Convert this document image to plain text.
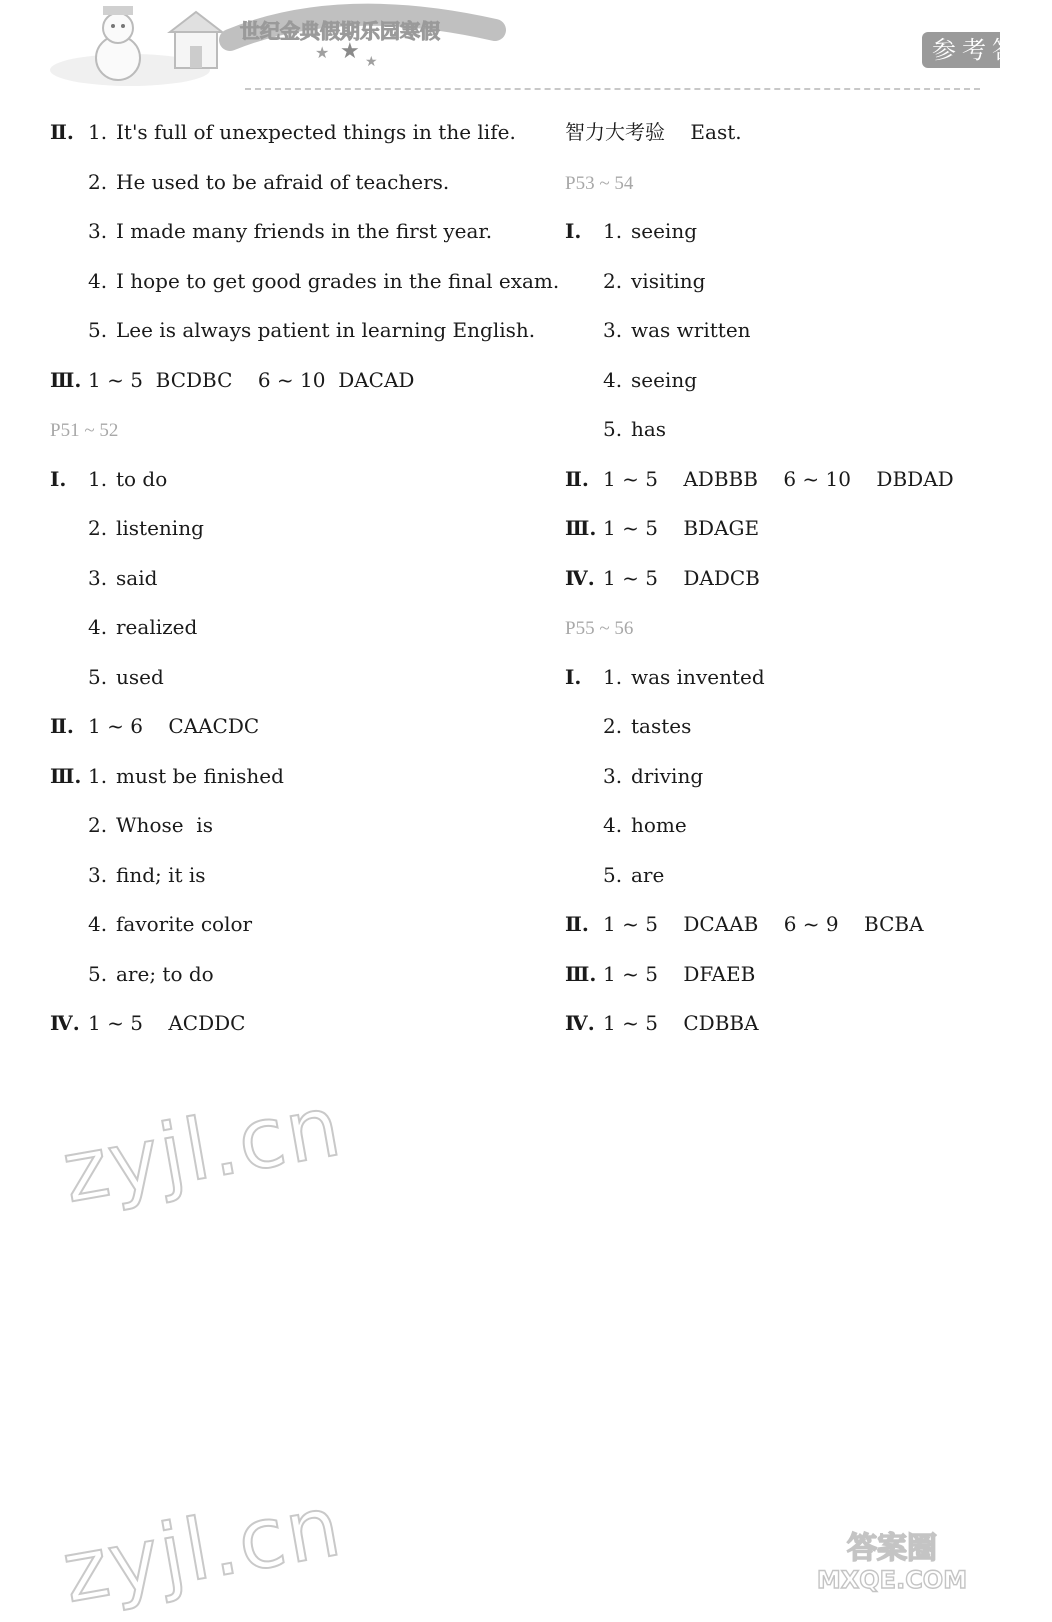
世纪金典假期乐园寒假
★ ★ ★	参考答案
Ⅱ. 1. It's full of unexpected things in the life.
2. He used to be afraid of teachers.
3. I made many friends in the first year.
4. I hope to get good grades in the final exam.
5. Lee is always patient in learning English.
Ⅲ. 1 ~ 5  BCDBC    6 ~ 10  DACAD
P51 ~ 52
Ⅰ. 1. to do
2. listening
3. said
4. realized
5. used
Ⅱ. 1 ~ 6    CAACDC
Ⅲ. 1. must be finished
2. Whose  is
3. find; it is
4. favorite color
5. are; to do
Ⅳ. 1 ~ 5    ACDDC
智力大考验    East.
P53 ~ 54
Ⅰ. 1. seeing
2. visiting
3. was written
4. seeing
5. has
Ⅱ. 1 ~ 5    ADBBB    6 ~ 10    DBDAD
Ⅲ. 1 ~ 5    BDAGE
Ⅳ. 1 ~ 5    DADCB
P55 ~ 56
Ⅰ. 1. was invented
2. tastes
3. driving
4. home
5. are
Ⅱ. 1 ~ 5    DCAAB    6 ~ 9    BCBA
Ⅲ. 1 ~ 5    DFAEB
Ⅳ. 1 ~ 5    CDBBA
zyjl.cn
zyjl.cn	答案圈
MXQE.COM
